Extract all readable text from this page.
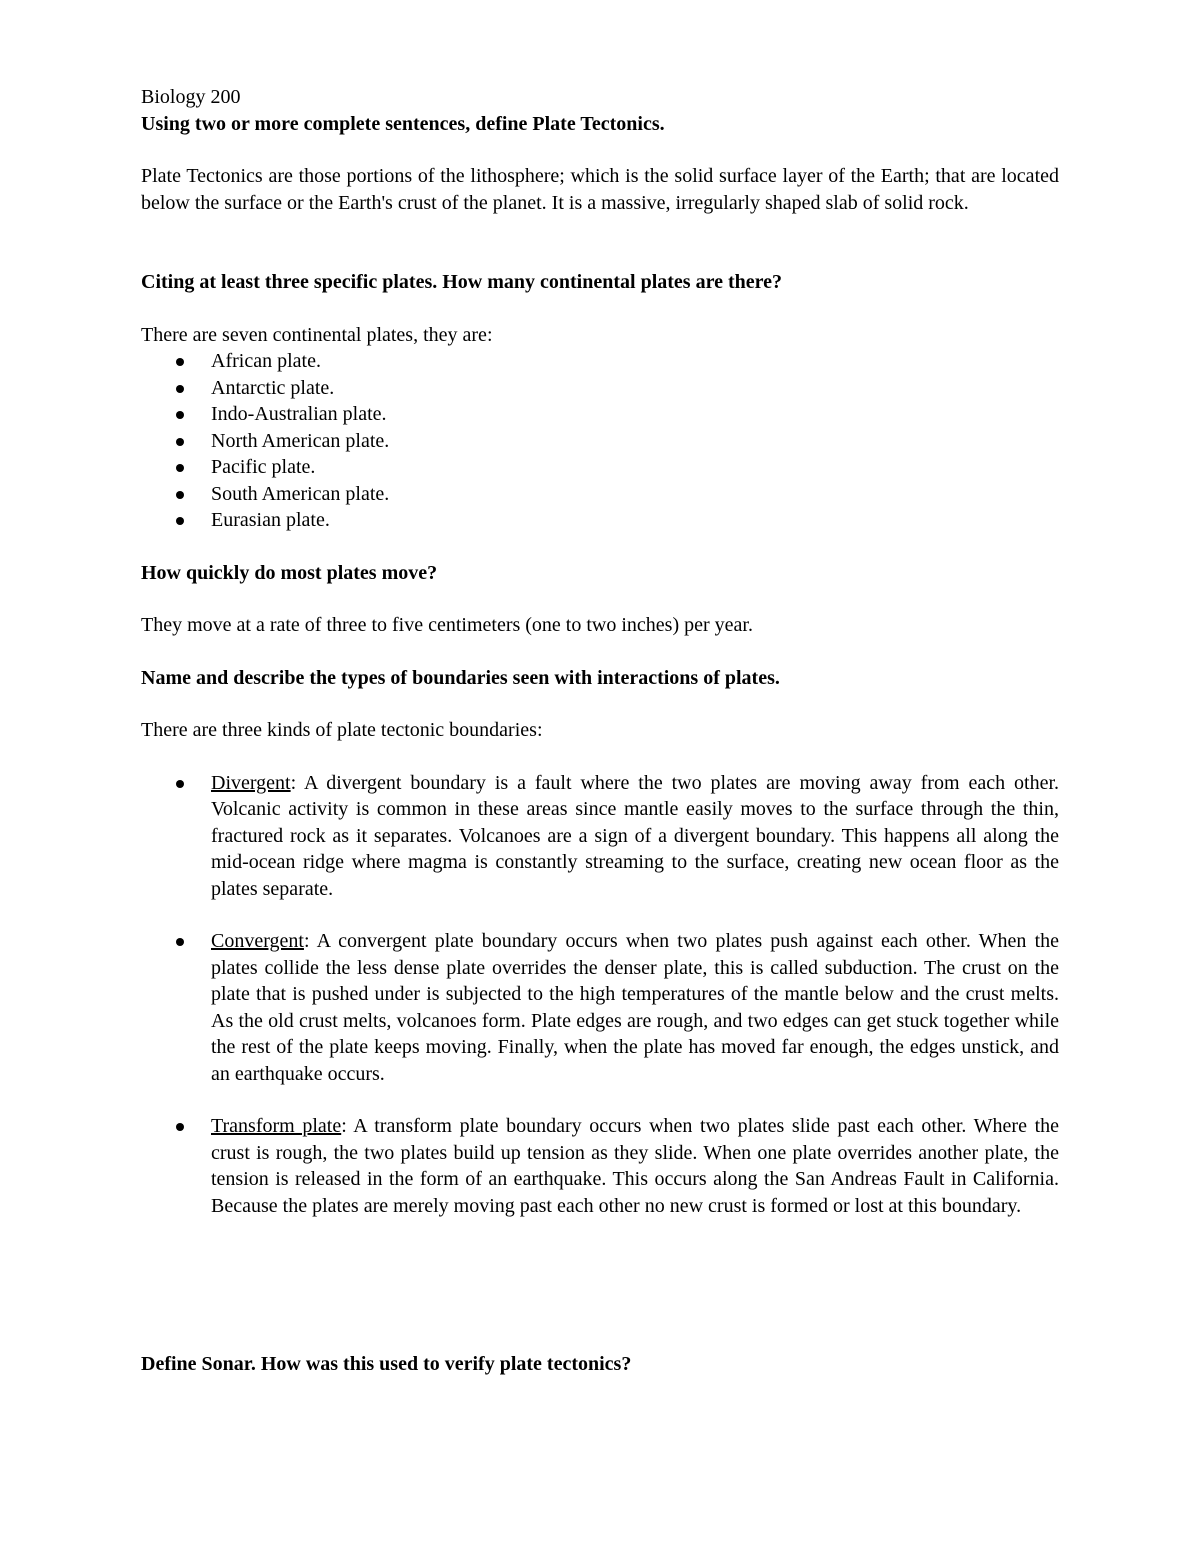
Biology 200

Using two or more complete sentences, define Plate Tectonics.

Plate Tectonics are those portions of the lithosphere; which is the solid surface layer of the Earth; that are located below the surface or the Earth's crust of the planet. It is a massive, irregularly shaped slab of solid rock.

Citing at least three specific plates. How many continental plates are there?

There are seven continental plates, they are:

African plate.
Antarctic plate.
Indo-Australian plate.
North American plate.
Pacific plate.
South American plate.
Eurasian plate.

How quickly do most plates move?

They move at a rate of three to five centimeters (one to two inches) per year.

Name and describe the types of boundaries seen with interactions of plates.

There are three kinds of plate tectonic boundaries:

Divergent: A divergent boundary is a fault where the two plates are moving away from each other. Volcanic activity is common in these areas since mantle easily moves to the surface through the thin, fractured rock as it separates. Volcanoes are a sign of a divergent boundary. This happens all along the mid-ocean ridge where magma is constantly streaming to the surface, creating new ocean floor as the plates separate.
Convergent: A convergent plate boundary occurs when two plates push against each other. When the plates collide the less dense plate overrides the denser plate, this is called subduction. The crust on the plate that is pushed under is subjected to the high temperatures of the mantle below and the crust melts. As the old crust melts, volcanoes form. Plate edges are rough, and two edges can get stuck together while the rest of the plate keeps moving. Finally, when the plate has moved far enough, the edges unstick, and an earthquake occurs.
Transform plate: A transform plate boundary occurs when two plates slide past each other. Where the crust is rough, the two plates build up tension as they slide. When one plate overrides another plate, the tension is released in the form of an earthquake. This occurs along the San Andreas Fault in California. Because the plates are merely moving past each other no new crust is formed or lost at this boundary.

Define Sonar. How was this used to verify plate tectonics?
